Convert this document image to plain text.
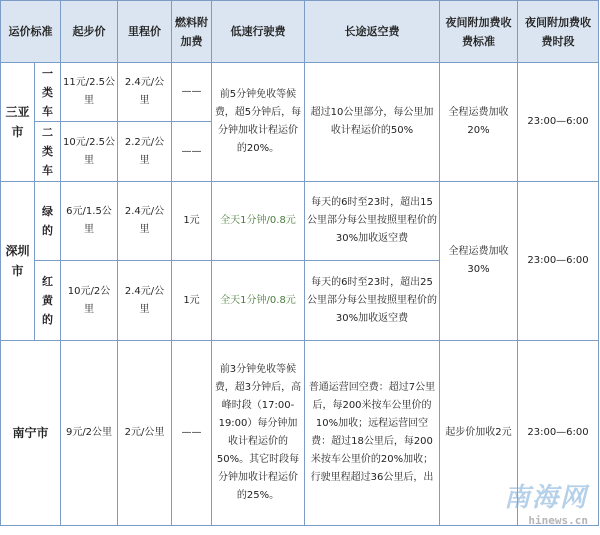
运价标准		起步价	里程价	燃料附加费	低速行驶费	长途返空费	夜间附加费收费标准	夜间附加费收费时段
三亚市	一类车	11元/2.5公里	2.4元/公里	——	前5分钟免收等候费，超5分钟后，每分钟加收计程运价的20%。	超过10公里部分，每公里加收计程运价的50%	全程运费加收20%	23:00—6:00
	二类车	10元/2.5公里	2.2元/公里	——				
深圳市	绿的	6元/1.5公里	2.4元/公里	1元	全天1分钟/0.8元	每天的6时至23时，超出15公里部分每公里按照里程价的30%加收返空费	全程运费加收30%	23:00—6:00
	红黄的	10元/2公里	2.4元/公里	1元	全天1分钟/0.8元	每天的6时至23时，超出25公里部分每公里按照里程价的30%加收返空费		
南宁市		9元/2公里	2元/公里	——	前3分钟免收等候费，超3分钟后，高峰时段（17:00-19:00）每分钟加收计程运价的50%。其它时段每分钟加收计程运价的25%。	普通运营回空费：超过7公里后，每200米按车公里价的10%加收；远程运营回空费：超过18公里后，每200米按车公里价的20%加收；行驶里程超过36公里后，出	起步价加收2元	23:00—6:00
南海网
hinews.cn
